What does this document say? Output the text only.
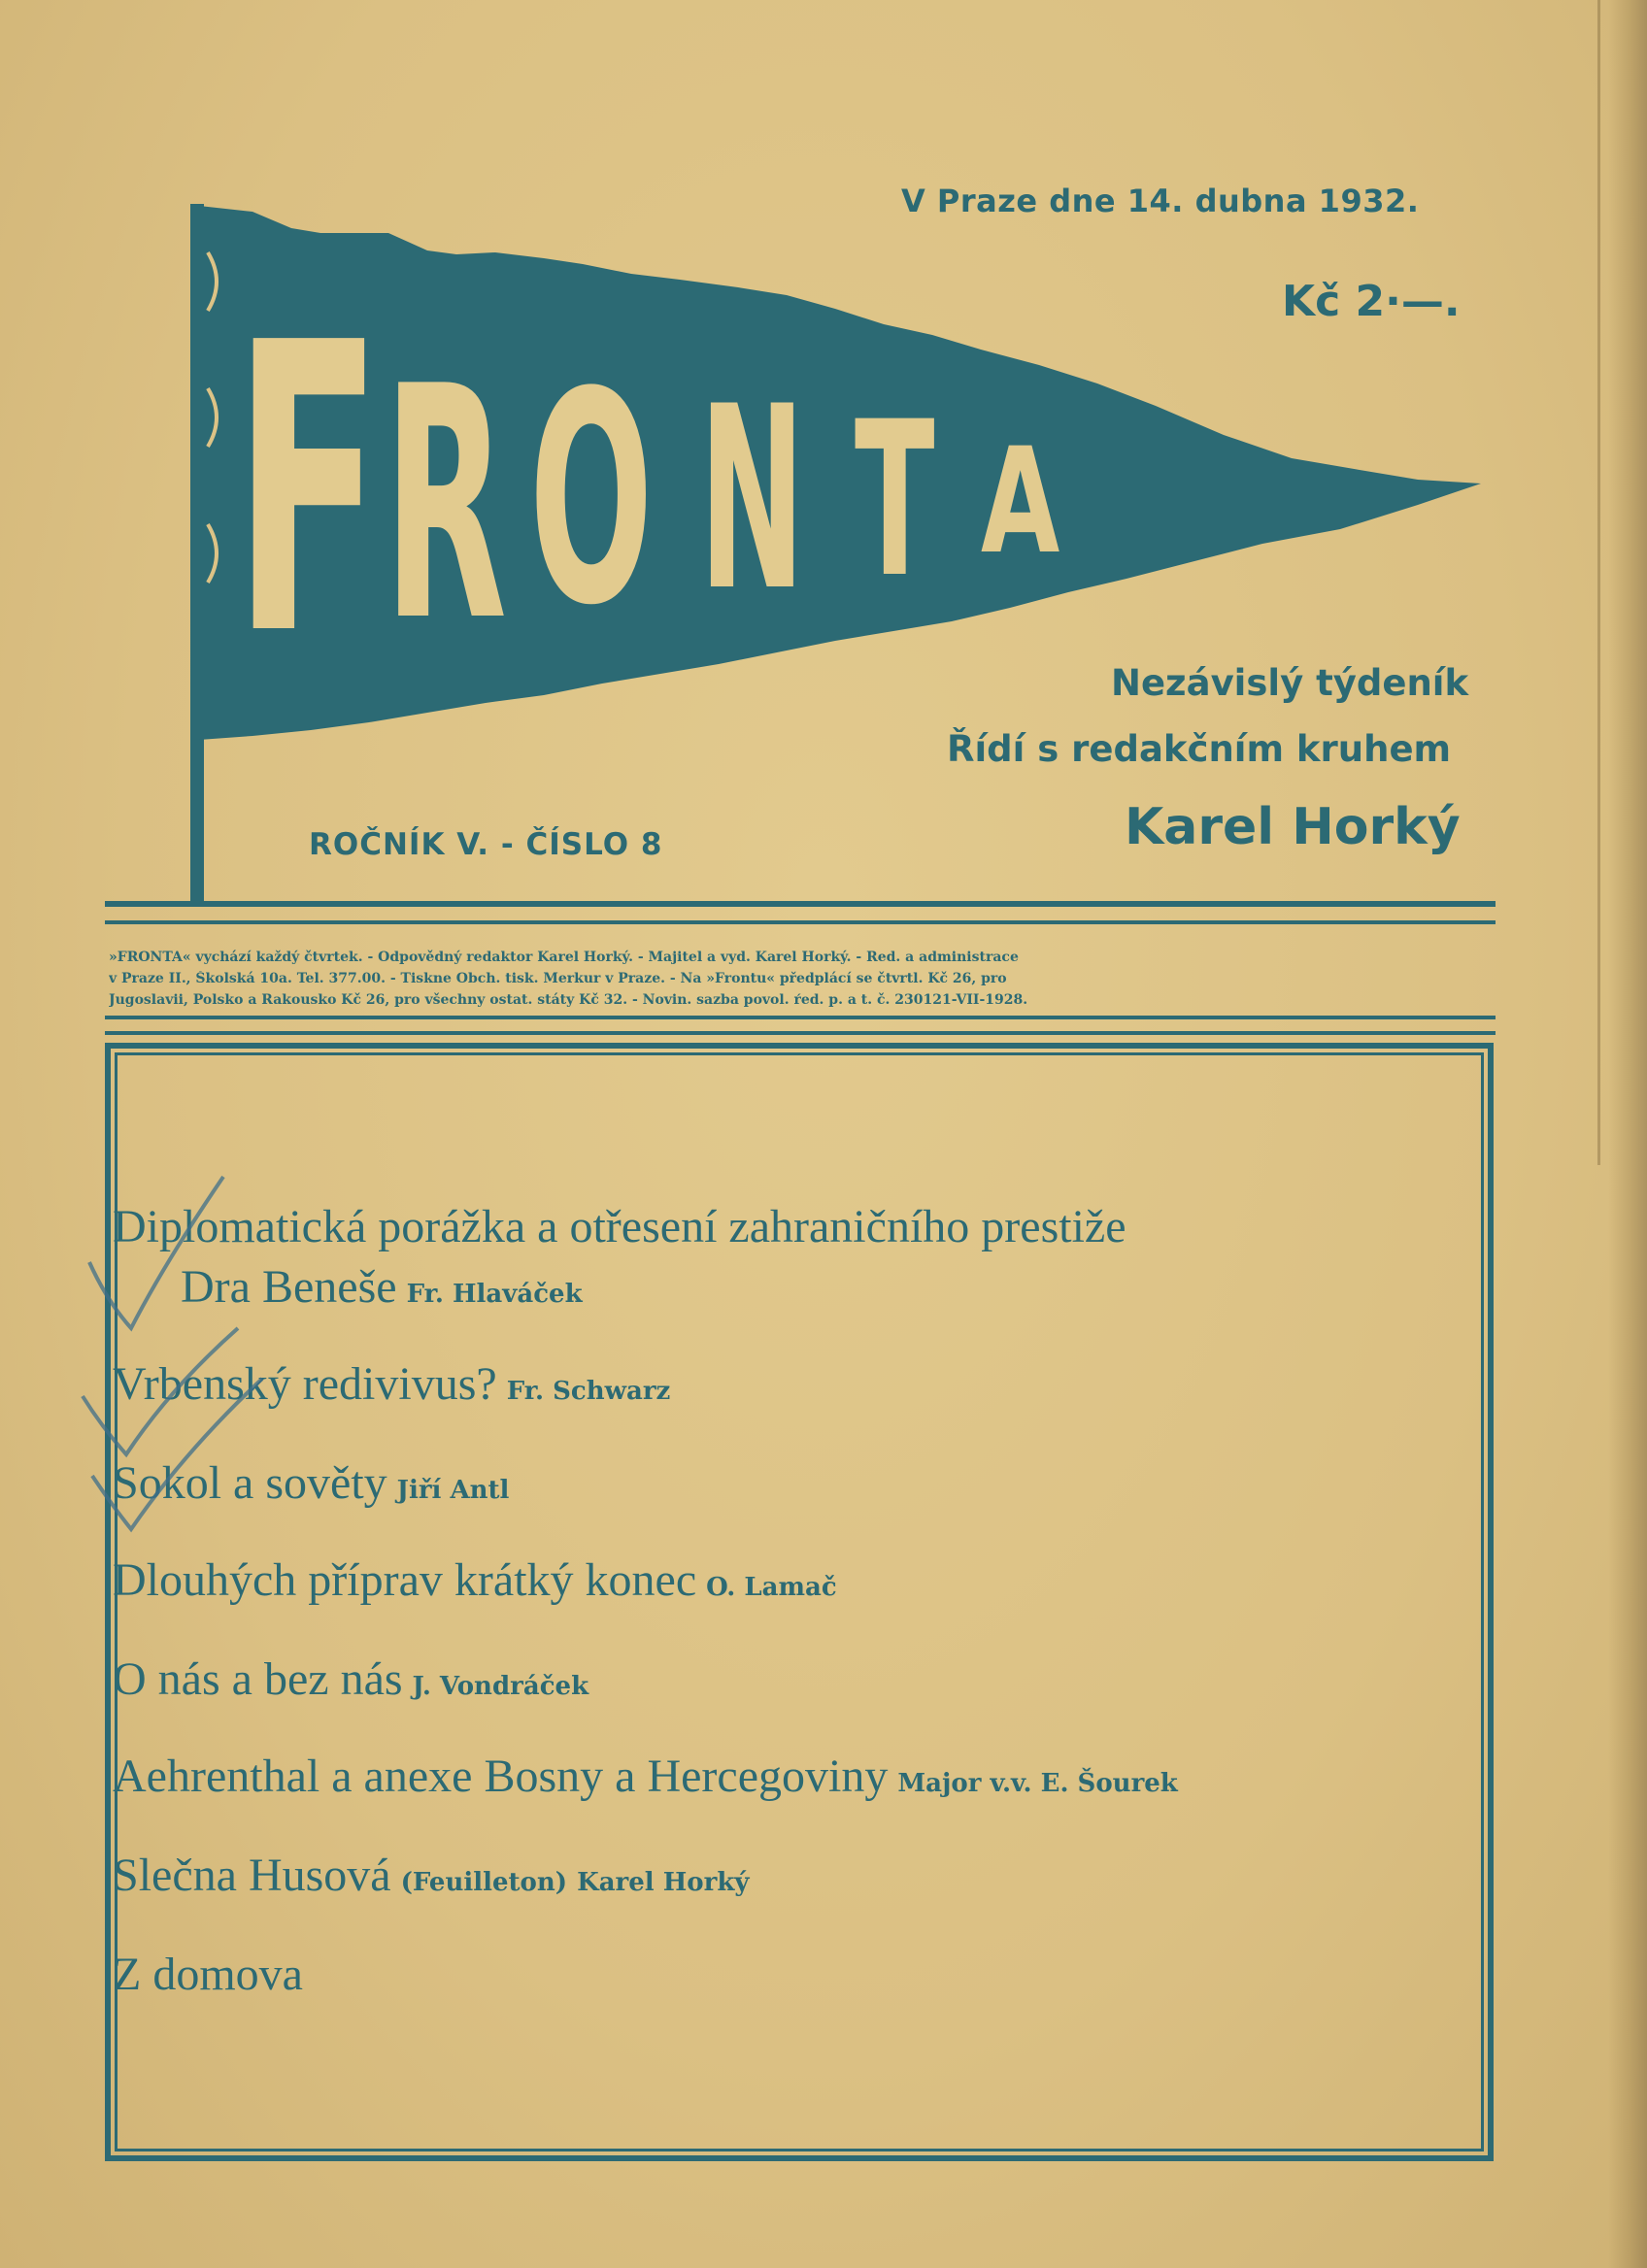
F R O N T A
V Praze dne 14. dubna 1932.
Kč 2·—.
Nezávislý týdeník
Řídí s redakčním kruhem
Karel Horký
ROČNÍK V. - ČÍSLO 8
»FRONTA« vychází každý čtvrtek. - Odpovědný redaktor Karel Horký. - Majitel a vyd. Karel Horký. - Red. a administrace
v Praze II., Školská 10a. Tel. 377.00. - Tiskne Obch. tisk. Merkur v Praze. - Na »Frontu« předplácí se čtvrtl. Kč 26, pro
Jugoslavii, Polsko a Rakousko Kč 26, pro všechny ostat. státy Kč 32. - Novin. sazba povol. ŕed. p. a t. č. 230121-VII-1928.
Diplomatická porážka a otřesení zahraničního prestiže
Dra Beneše Fr. Hlaváček
Vrbenský redivivus? Fr. Schwarz
Sokol a sověty Jiří Antl
Dlouhých příprav krátký konec O. Lamač
O nás a bez nás J. Vondráček
Aehrenthal a anexe Bosny a Hercegoviny Major v.v. E. Šourek
Slečna Husová (Feuilleton) Karel Horký
Z domova
